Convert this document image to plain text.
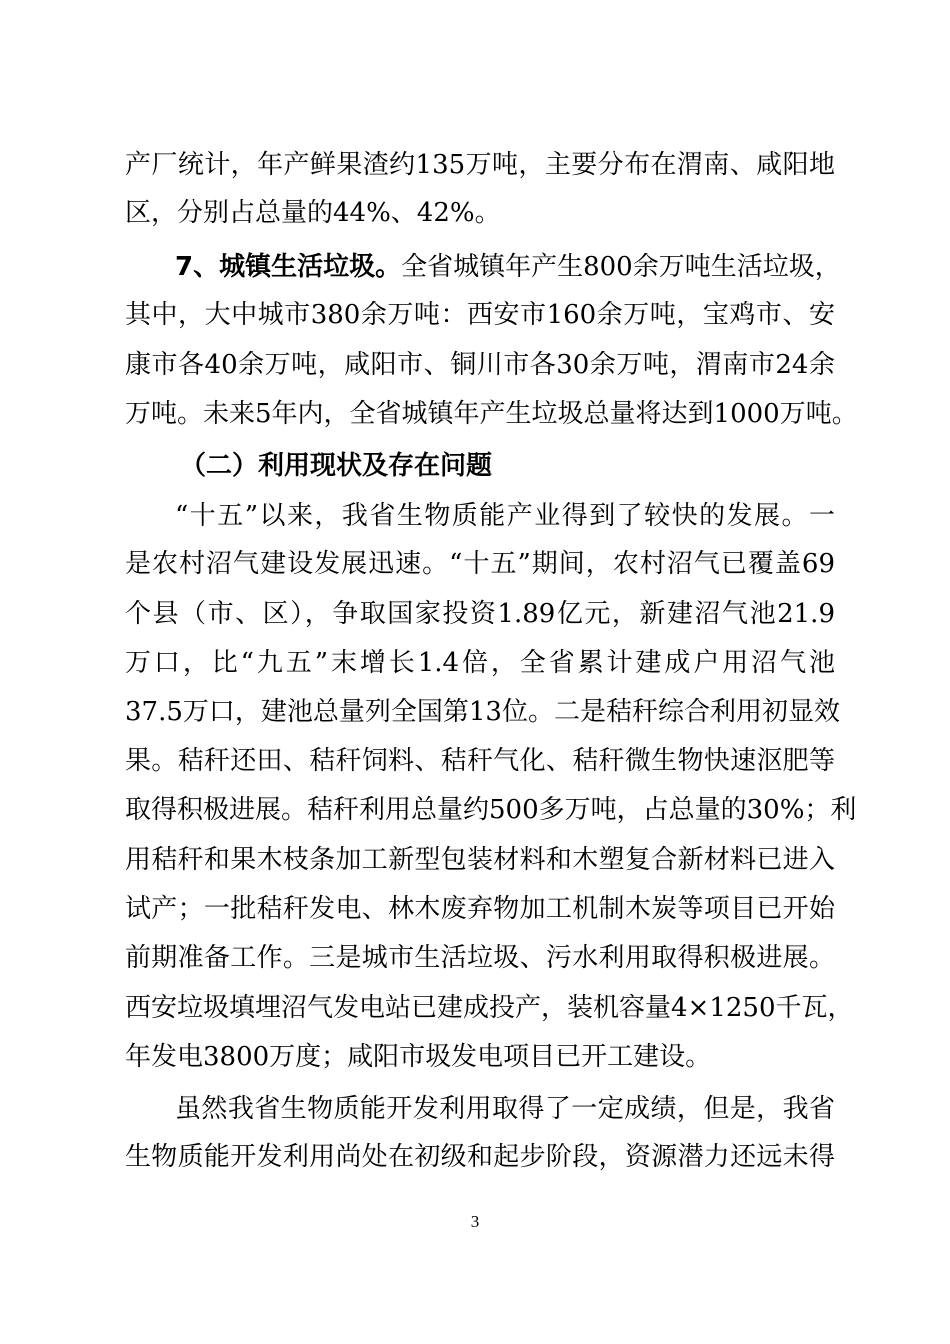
产厂统计，年产鲜果渣约135万吨，主要分布在渭南、咸阳地
区，分别占总量的44%、42%。
7、城镇生活垃圾。全省城镇年产生800余万吨生活垃圾，
其中，大中城市380余万吨：西安市160余万吨，宝鸡市、安
康市各40余万吨，咸阳市、铜川市各30余万吨，渭南市24余
万吨。未来5年内，全省城镇年产生垃圾总量将达到1000万吨。
（二）利用现状及存在问题
“十五”以来，我省生物质能产业得到了较快的发展。一
是农村沼气建设发展迅速。“十五”期间，农村沼气已覆盖69
个县（市、区），争取国家投资1.89亿元，新建沼气池21.9
万口，比“九五”末增长1.4倍，全省累计建成户用沼气池
37.5万口，建池总量列全国第13位。二是秸秆综合利用初显效
果。秸秆还田、秸秆饲料、秸秆气化、秸秆微生物快速沤肥等
取得积极进展。秸秆利用总量约500多万吨，占总量的30%；利
用秸秆和果木枝条加工新型包装材料和木塑复合新材料已进入
试产；一批秸秆发电、林木废弃物加工机制木炭等项目已开始
前期准备工作。三是城市生活垃圾、污水利用取得积极进展。
西安垃圾填埋沼气发电站已建成投产，装机容量4×1250千瓦，
年发电3800万度；咸阳市圾发电项目已开工建设。
虽然我省生物质能开发利用取得了一定成绩，但是，我省
生物质能开发利用尚处在初级和起步阶段，资源潜力还远未得
3
